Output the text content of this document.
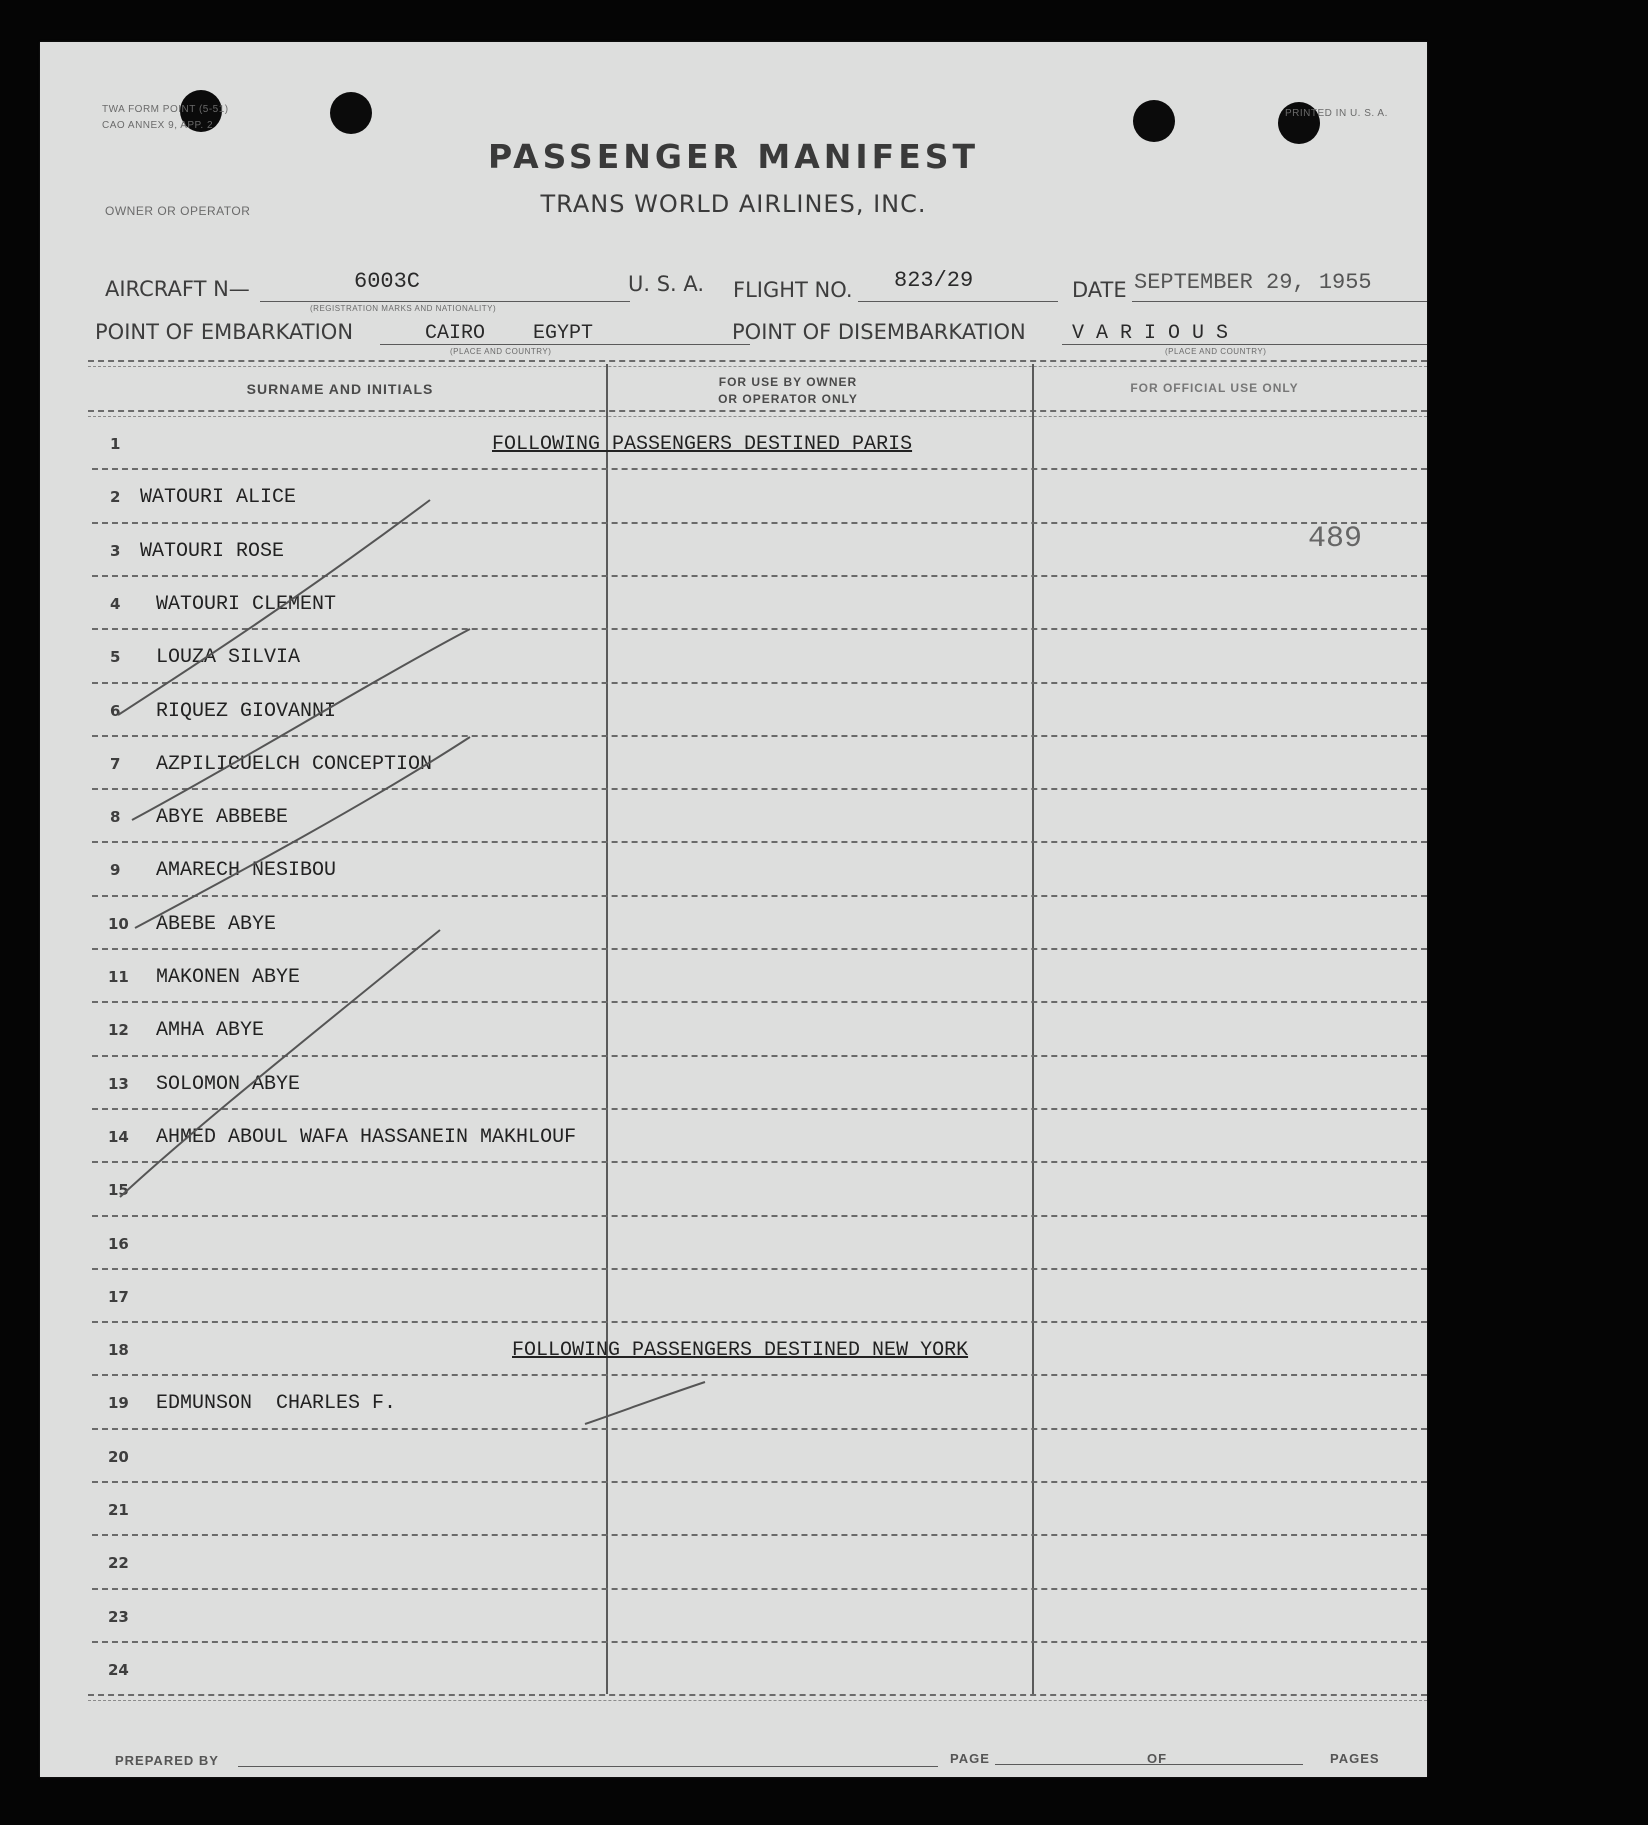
TWA FORM POINT (5-51)
CAO ANNEX 9, APP. 2
PRINTED IN U. S. A.
PASSENGER MANIFEST
TRANS WORLD AIRLINES, INC.
OWNER OR OPERATOR
AIRCRAFT N—	6003C
(REGISTRATION MARKS AND NATIONALITY)
U. S. A. FLIGHT NO. 823/29	DATE SEPTEMBER 29, 1955
POINT OF EMBARKATION	CAIRO    EGYPT
(PLACE AND COUNTRY)
POINT OF DISEMBARKATION V A R I O U S
(PLACE AND COUNTRY)
SURNAME AND INITIALS	FOR USE BY OWNER
OR OPERATOR ONLY
FOR OFFICIAL USE ONLY
1	FOLLOWING PASSENGERS DESTINED PARIS
2 WATOURI ALICE
3 WATOURI ROSE
4	WATOURI CLEMENT
5	LOUZA SILVIA
6	RIQUEZ GIOVANNI
7	AZPILICUELCH CONCEPTION
8	ABYE ABBEBE
9	AMARECH NESIBOU
10	ABEBE ABYE
11	MAKONEN ABYE
12	AMHA ABYE
13	SOLOMON ABYE
14	AHMED ABOUL WAFA HASSANEIN MAKHLOUF
15
16
17
18	FOLLOWING PASSENGERS DESTINED NEW YORK
19	EDMUNSON  CHARLES F.
20
21
22
23
24
489
PREPARED BY	PAGE	OF	PAGES
